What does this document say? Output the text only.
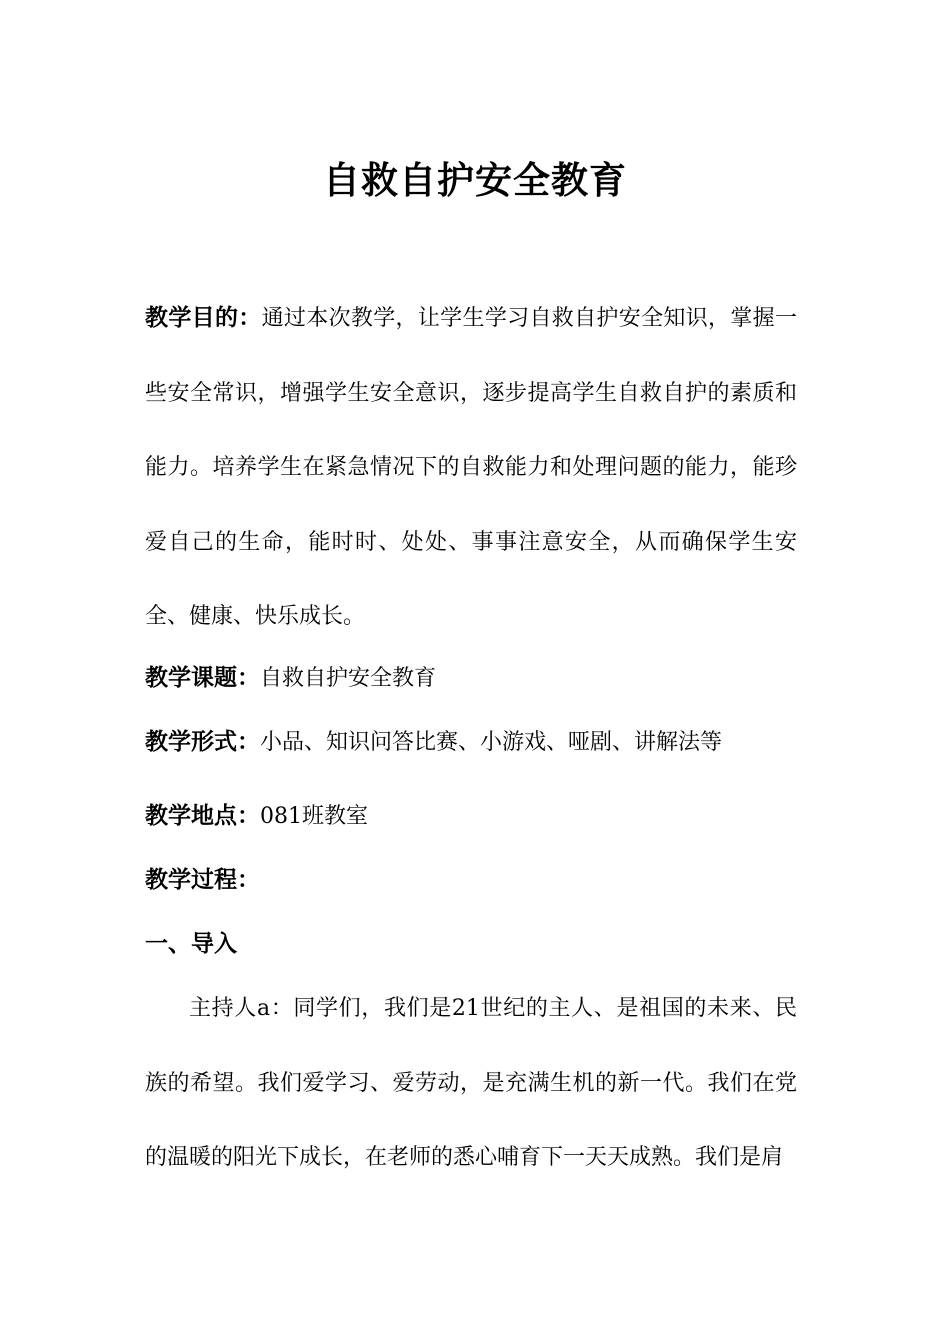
自救自护安全教育
教学目的：通过本次教学，让学生学习自救自护安全知识，掌握一些安全常识，增强学生安全意识，逐步提高学生自救自护的素质和能力。培养学生在紧急情况下的自救能力和处理问题的能力，能珍爱自己的生命，能时时、处处、事事注意安全，从而确保学生安全、健康、快乐成长。
教学课题：自救自护安全教育
教学形式：小品、知识问答比赛、小游戏、哑剧、讲解法等
教学地点：081班教室
教学过程：
一、导入
主持人a：同学们，我们是21世纪的主人、是祖国的未来、民族的希望。我们爱学习、爱劳动，是充满生机的新一代。我们在党的温暖的阳光下成长，在老师的悉心哺育下一天天成熟。我们是肩
